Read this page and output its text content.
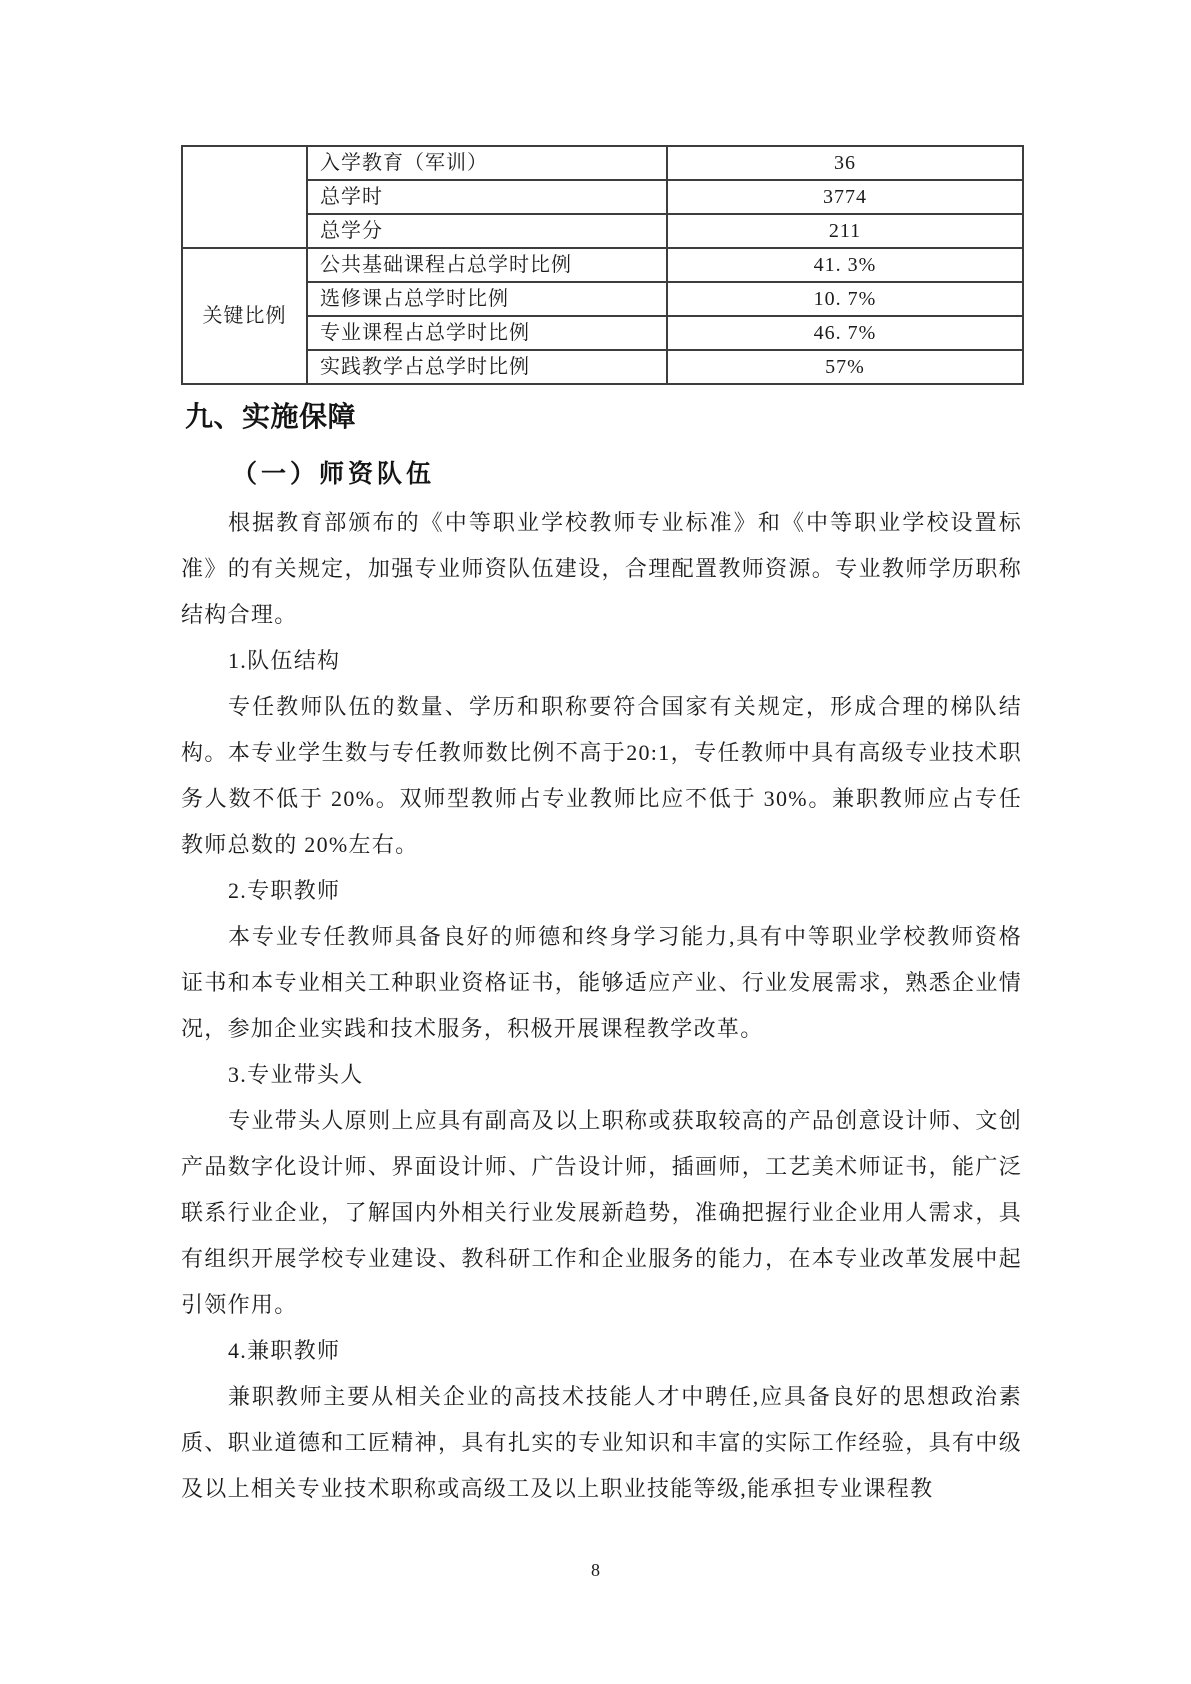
	入学教育（军训）	36
	总学时	3774
	总学分	211
关键比例	公共基础课程占总学时比例	41. 3%
	选修课占总学时比例	10. 7%
	专业课程占总学时比例	46. 7%
	实践教学占总学时比例	57%
九、实施保障
（一）师资队伍

根据教育部颁布的《中等职业学校教师专业标准》和《中等职业学校设置标准》的有关规定，加强专业师资队伍建设，合理配置教师资源。专业教师学历职称结构合理。

1.队伍结构

专任教师队伍的数量、学历和职称要符合国家有关规定，形成合理的梯队结构。本专业学生数与专任教师数比例不高于20:1，专任教师中具有高级专业技术职务人数不低于 20%。双师型教师占专业教师比应不低于 30%。兼职教师应占专任教师总数的 20%左右。

2.专职教师

本专业专任教师具备良好的师德和终身学习能力,具有中等职业学校教师资格证书和本专业相关工种职业资格证书，能够适应产业、行业发展需求，熟悉企业情况，参加企业实践和技术服务，积极开展课程教学改革。

3.专业带头人

专业带头人原则上应具有副高及以上职称或获取较高的产品创意设计师、文创产品数字化设计师、界面设计师、广告设计师，插画师，工艺美术师证书，能广泛联系行业企业，了解国内外相关行业发展新趋势，准确把握行业企业用人需求，具有组织开展学校专业建设、教科研工作和企业服务的能力，在本专业改革发展中起引领作用。

4.兼职教师

兼职教师主要从相关企业的高技术技能人才中聘任,应具备良好的思想政治素质、职业道德和工匠精神，具有扎实的专业知识和丰富的实际工作经验，具有中级及以上相关专业技术职称或高级工及以上职业技能等级,能承担专业课程教

8
